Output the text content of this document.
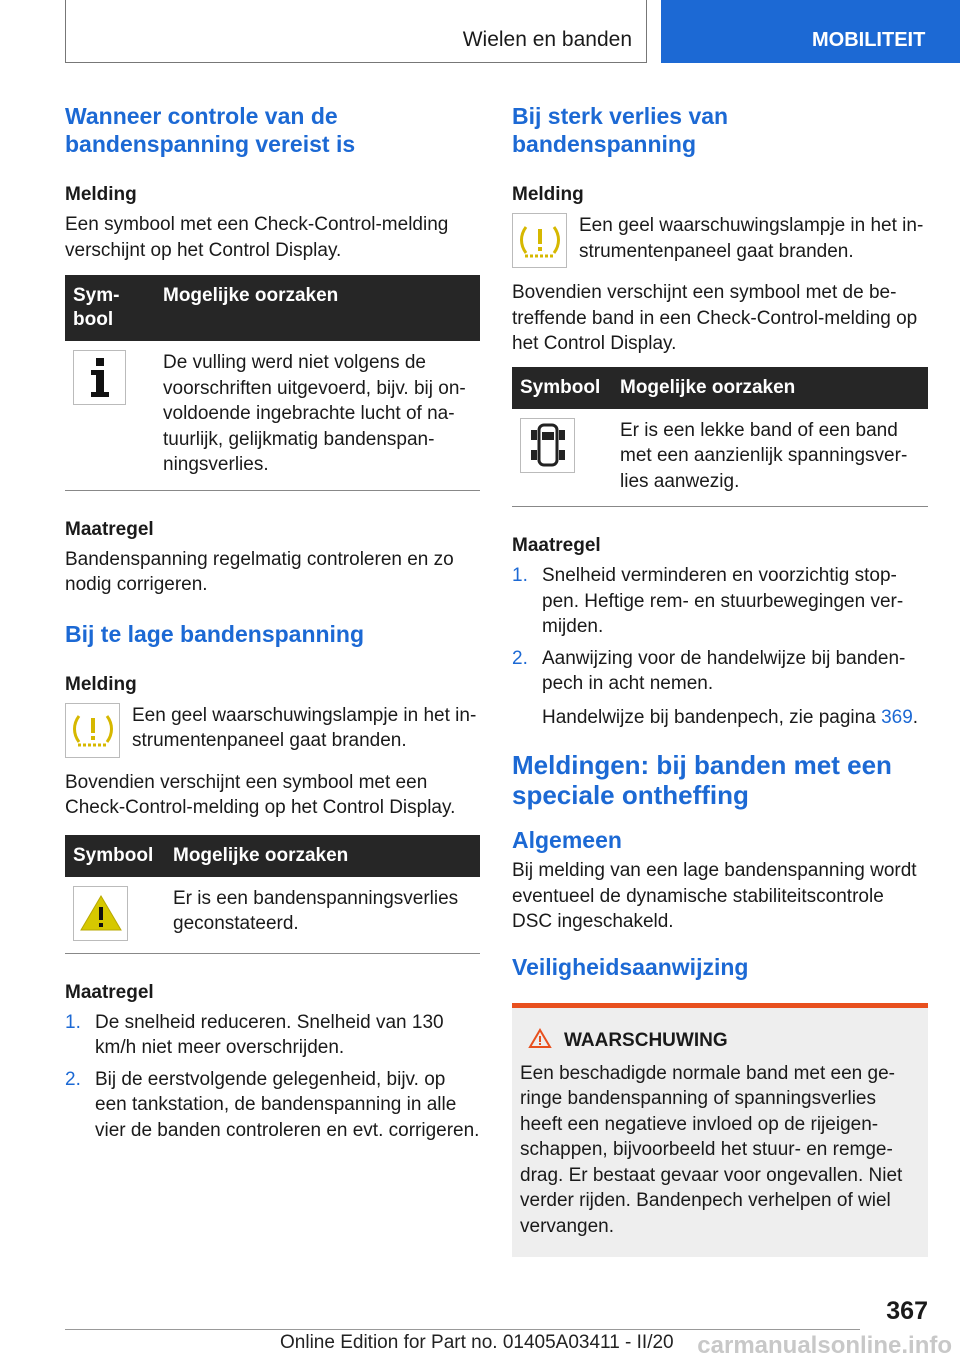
Wielen en banden	MOBILITEIT
Wanneer controle van de bandenspanning vereist is
Melding

Een symbool met een Check-Control-melding verschijnt op het Control Display.

Sym-
bool	Mogelijke oorzaken

	De vulling werd niet volgens de voorschriften uitgevoerd, bijv. bij on-voldoende ingebrachte lucht of na-tuurlijk, gelijkmatig bandenspan-ningsverlies.
Maatregel

Bandenspanning regelmatig controleren en zo nodig corrigeren.

Bij te lage bandenspanning
Melding

Een geel waarschuwingslampje in het in-strumentenpaneel gaat branden.

Bovendien verschijnt een symbool met een Check-Control-melding op het Control Display.

Symbool	Mogelijke oorzaken

	Er is een bandenspanningsverlies geconstateerd.
Maatregel
1. De snelheid reduceren. Snelheid van 130 km/h niet meer overschrijden.
2. Bij de eerstvolgende gelegenheid, bijv. op een tankstation, de bandenspanning in alle vier de banden controleren en evt. corrigeren.
Bij sterk verlies van bandenspanning
Melding

Een geel waarschuwingslampje in het in-strumentenpaneel gaat branden.

Bovendien verschijnt een symbool met de be-treffende band in een Check-Control-melding op het Control Display.

Symbool	Mogelijke oorzaken

	Er is een lekke band of een band met een aanzienlijk spanningsver-lies aanwezig.
Maatregel
1. Snelheid verminderen en voorzichtig stop-pen. Heftige rem- en stuurbewegingen ver-mijden.
2. Aanwijzing voor de handelwijze bij banden-pech in acht nemen.

Handelwijze bij bandenpech, zie pagina 369.

Meldingen: bij banden met een speciale ontheffing
Algemeen

Bij melding van een lage bandenspanning wordt eventueel de dynamische stabiliteitscontrole DSC ingeschakeld.

Veiligheidsaanwijzing
WAARSCHUWING

Een beschadigde normale band met een ge-ringe bandenspanning of spanningsverlies heeft een negatieve invloed op de rijeigen-schappen, bijvoorbeeld het stuur- en remge-drag. Er bestaat gevaar voor ongevallen. Niet verder rijden. Bandenpech verhelpen of wiel vervangen.

367
Online Edition for Part no. 01405A03411 - II/20 carmanualsonline.info
